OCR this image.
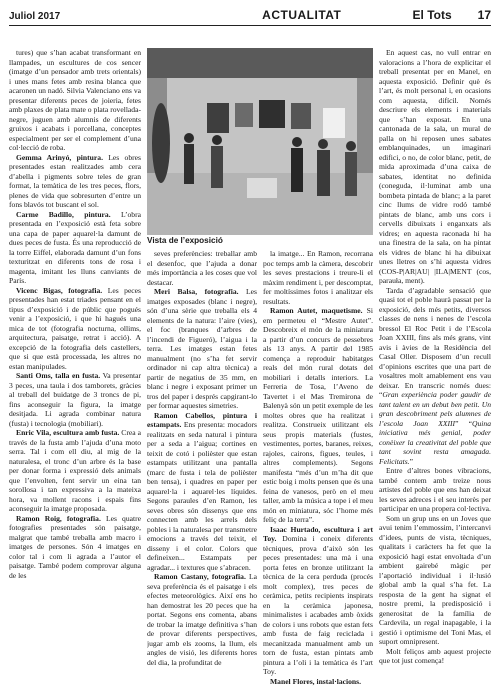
Juliol 2017	ACTUALITAT	El Tots 17

tures) que s’han acabat transformant en llampades, un escultures de cos sencer (imatge d’un pensador amb trets orientals) i unes mans fetes amb resina blanca que acaronen un nadó. Silvia Valenciano ens va presentar diferents peces de joieria, fetes amb plaxes de plata mate o plata rovellada-negre, juguen amb alumnis de diferents gruixos i acabats i porcellana, conceptes especialment per ser el complement d’una col·lecció de roba.

Gemma Arinyó, pintura. Les obres presentades estan realitzades amb cera d’abella i pigments sobre teles de gran format, la temàtica de les tres peces, flors, plenes de vida que sobresurten d’entre un fons blavós tot buscant el sol.

Carme Badillo, pintura. L’obra presentada en l’exposició està feta sobre una capa de paper aquarel·la damunt de dues peces de fusta. És una reproducció de la torre Eiffel, elaborada damunt d’un fons texturitzat en diferents tons de rosa i magenta, imitant les lluns canviants de París.

Vicenc Bigas, fotografia. Les peces presentades han estat triades pensant en el tipus d’exposició i de públic que pogués venir a l’exposició, i que hi hagués una mica de tot (fotografia nocturna, ollims, arquitectura, paisatge, retrat i acció). A excepció de la fotografia dels castellers, que si que està processada, les altres no estan manipulades.

Santi Oms, talla en fusta. Va presentar 3 peces, una taula i dos tamborets, gràcies al treball del buidatge de 3 troncs de pi, fins aconseguir la figura, la imatge desitjada. Li agrada combinar natura (fusta) i tecnologia (mobiliari).

Enric Vila, escultura amb fusta. Crea a través de la fusta amb l’ajuda d’una moto serra. Tal i com ell diu, al mig de la naturalesa, el tronc d’un arbre és la base per donar forma i expressió dels animals que l’envolten, fent servir un eina tan sorollosa i tan expressiva a la mateixa hora, va mollent racons i espais fins aconseguir la imatge proposada.

Ramon Roig, fotografia. Les quatre fotografies presentades són paisatge, malgrat que també treballa amb macro i imatges de persones. Són 4 imatges en color tal i com li agrada a l’autor el paisatge. També podem comprovar alguna de les

Vista de l’exposició

seves preferències: treballar amb el desenfoc, que l’ajuda a donar més importància a les coses que vol destacar.

Meri Balsa, fotografia. Les imatges exposades (blanc i negre), són d’una sèrie que treballa els 4 elements de la natura: l’aire (vies), el foc (branques d’arbres de l’incendi de Figueró), l’aigua i la terra. Les imatges estan fetes manualment (no s’ha fet servir ordinador ni cap altra tècnica) a partir de negatius de 35 mm, en blanc i negre i exposant primer un tros del paper i després capgirant-lo per formar aquestes simetries.

Ramon Cabellos, pintura i estampats. Ens presenta: mocadors realitzats en seda natural i pintura per a seda a l’aigua; cortines en teixit de cotó i polièster que estan estampats utilitzant una pantalla (marc de fusta i tela de polièster ben tensa), i quadres en paper per aquarel·la i aquarel·les líquides. Segons paraules d’en Ramon, les seves obres són dissenys que ens connecten amb les arrels dels pobles i la naturalesa per transmetre emocions a través del teixit, el disseny i el color. Colors que defineixen... Estampats per agradar... i textures que s’abracen.

Ramon Castany, fotografia. La seva preferència és el paisatge i els efectes meteorològics. Així ens ho han demostrat les 20 peces que ha portat. Segons ens comenta, abans de trobar la imatge definitiva s’han de provar diferents perspectives, jugar amb els zooms, la llum, els angles de visió, les diferents hores del dia, la profunditat de

la imatge... En Ramon, recorrana poc temps amb la càmera, descobrir les seves prestacions i treure-li el màxim rendiment i, per descomptat, fer moltíssimes fotos i analitzar els resultats.

Ramon Autet, maquetisme. Si em permeteu el “Mestre Autet”. Descobreix el món de la miniatura a partir d’un concurs de pessebres als 13 anys. A partir del 1985 comença a reproduir habitatges reals del món rural dotats del mobiliari i detalls interiors. La Ferreria de Tosa, l’Aveno de Tavertet i el Mas Tremirona de Balenyà són un petit exemple de les moltes obres que ha realitzat i realitza. Construeix utilitzant els seus propis materials (fustes, vestimentes, portes, baranes, reixes, rajoles, cairons, figues, teules, i altres complements). Segons manifesta “més d’un m’ha dit que estic boig i molts pensen que és una feina de vanesos, però en el meu taller, amb la música a tope i el meu món en miniatura, sóc l’home més feliç de la terra”.

Isaac Hurtado, escultura i art Toy. Domina i coneix diferents tècniques, prova d’això són les peces presentades: una mà i una porta fetes en bronze utilitzant la tècnica de la cera perduda (procés molt complex), tres peces de ceràmica, petits recipients inspirats en la ceràmica japonesa, minimalistes i acabades amb òxids de colors i uns robots que estan fets amb fusta de faig reciclada i mecanitzada manualment amb un torn de fusta, estan pintats amb pintura a l’oli i la temàtica és l’art Toy.

Manel Flores, instal·lacions.

En aquest cas, no vull entrar en valoracions a l’hora de explicitar el treball presentat per en Manel, en aquesta exposició. Definir què és l’art, és molt personal i, en ocasions com aquesta, difícil. Només descriure els elements i materials que s’han exposat. En una cantonada de la sala, un mural de palla on hi reposen unes sabates emblanquinades, un imaginari edifici, o no, de color blanc, petit, de mida aproximada d’una caixa de sabates, identitat no definida (conegudа, il·luminat amb una bombeta pintada de blanc; a la paret cinc llums de vidre rodó també pintats de blanc, amb uns cors i cervells dibuixats i enganxats als vidres; en aquesta raconada hi ha una finestra de la sala, on ha pintat els vidres de blanc hi ha dibuixat unes lletres on s’hi aquesta vidres (COS-P|AR|AU| |ILA|MENT (cos, parauła, ment).

Tarda d’agradable sensació que quasi tot el poble haurà passat per la exposició, dels més petits, diversos classes de nens i nenes de l’escola bressol El Roc Petit i de l’Escola Joan XXIII, fins als més grans, vint avis i àvies de la Residència del Casal Oller. Disposem d’un recull d’opinions escrites que una part de vosaltres molt amablement ens vau deixar. En transcric només dues: “Gran experiència poder gaudir de tant talent en un debut ben petit. Un gran descobriment pels alumnes de l’escola Joan XXIII” “Quina iniciativa més genial, poder conèixer la creativitat del poble que tant sovint resta amagada. Felicitats.”

Entre d’altres bones vibracions, també contem amb treize nous artistes del poble que ens han deixat les seves adreces i el seu interès per participar en una propera col·lectiva.

Som un grup uns en un Joves que avui tenim l’emmossim, l’intercanvi d’idees, punts de vista, tècniques, qualitats i caràcters ha fet que la exposició hagi estat envoltada d’un ambient gairebé màgic per l’aportació individual i il·lusió global amb la qual s’ha fet. La resposta de la gent ha signat el nostre premi, la predisposició i generositat de la família de Cardevila, un regal inapagable, i la gestió i optimisme del Toni Mas, el suport omnipresent.

Molt feliços amb aquest projecte que tot just comença!
